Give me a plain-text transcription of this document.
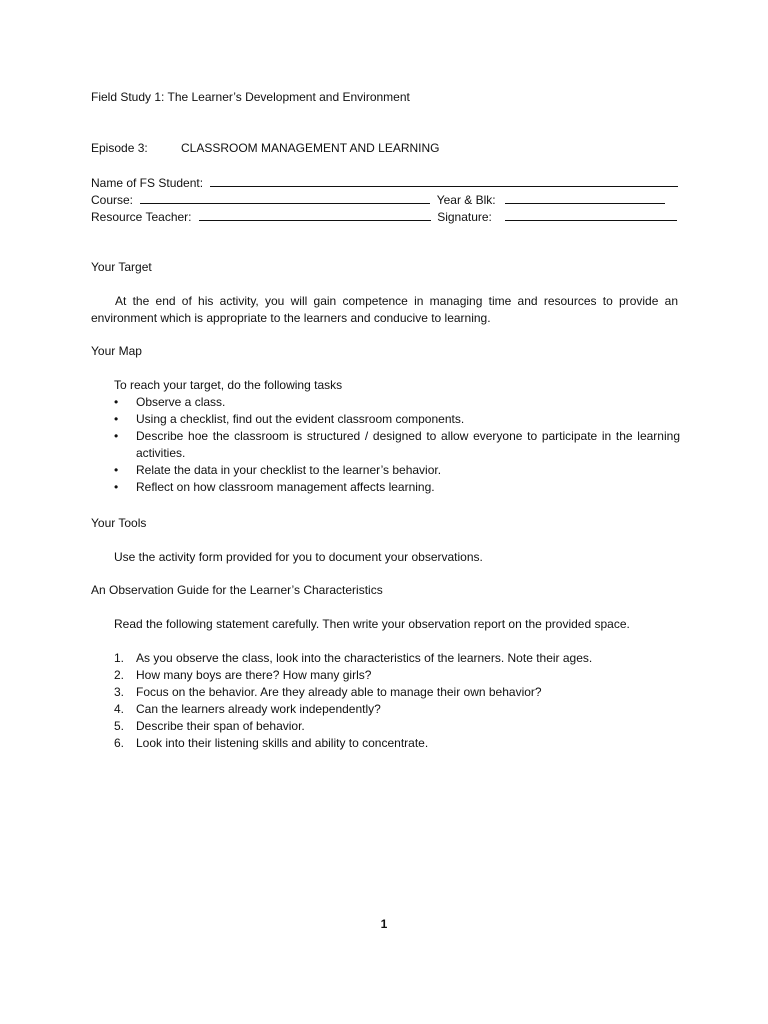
Field Study 1: The Learner’s Development and Environment
Episode 3:	CLASSROOM MANAGEMENT AND LEARNING
Name of FS Student:
Course:	Year & Blk:
Resource Teacher:	Signature:
Your Target
At the end of his activity, you will gain competence in managing time and resources to provide an environment which is appropriate to the learners and conducive to learning.
Your Map
To reach your target, do the following tasks
• Observe a class.
• Using a checklist, find out the evident classroom components.
• Describe hoe the classroom is structured / designed to allow everyone to participate in the learning activities.
• Relate the data in your checklist to the learner’s behavior.
• Reflect on how classroom management affects learning.
Your Tools
Use the activity form provided for you to document your observations.
An Observation Guide for the Learner’s Characteristics
Read the following statement carefully. Then write your observation report on the provided space.
1. As you observe the class, look into the characteristics of the learners. Note their ages.
2. How many boys are there? How many girls?
3. Focus on the behavior. Are they already able to manage their own behavior?
4. Can the learners already work independently?
5. Describe their span of behavior.
6. Look into their listening skills and ability to concentrate.
1
